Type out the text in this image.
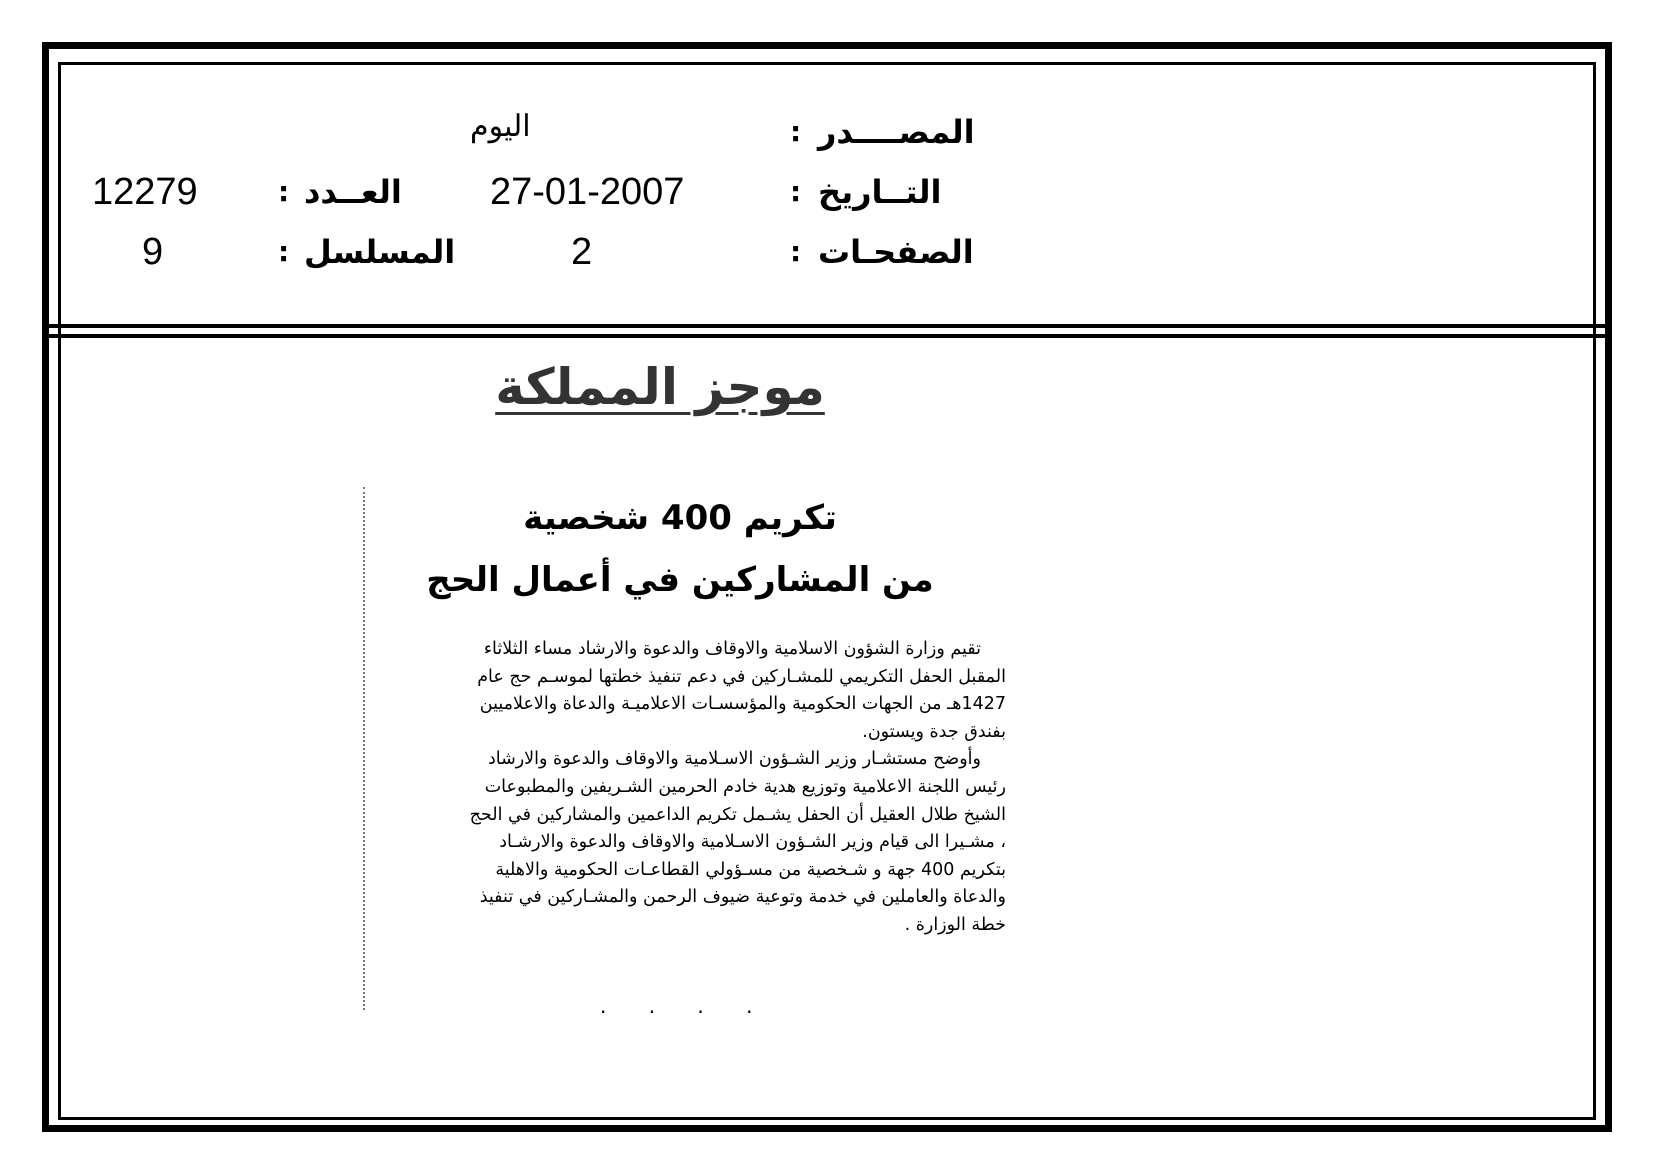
المصــــدر
:
اليوم
التــاريخ
:
27-01-2007
العــدد
:
12279
الصفحـات
:
2
المسلسل
:
9
موجز المملكة
تكريم 400 شخصية
من المشاركين في أعمال الحج
تقيم وزارة الشؤون الاسلامية والاوقاف والدعوة والارشاد مساء الثلاثاء
المقبل الحفل التكريمي للمشـاركين في دعم تنفيذ خطتها لموسـم حج عام
1427هـ من الجهات الحكومية والمؤسسـات الاعلاميـة والدعاة والاعلاميين
بفندق جدة ويستون.
وأوضح مستشـار وزير الشـؤون الاسـلامية والاوقاف والدعوة والارشاد
رئيس اللجنة الاعلامية وتوزيع هدية خادم الحرمين الشـريفين والمطبوعات
الشيخ طلال العقيل أن الحفل يشـمل تكريم الداعمين والمشاركين في الحج
، مشـيرا الى قيام وزير الشـؤون الاسـلامية والاوقاف والدعوة والارشـاد
بتكريم 400 جهة و شـخصية من مسـؤولي القطاعـات الحكومية والاهلية
والدعاة والعاملين في خدمة وتوعية ضيوف الرحمن والمشـاركين في تنفيذ
خطة الوزارة .
· · · ·
